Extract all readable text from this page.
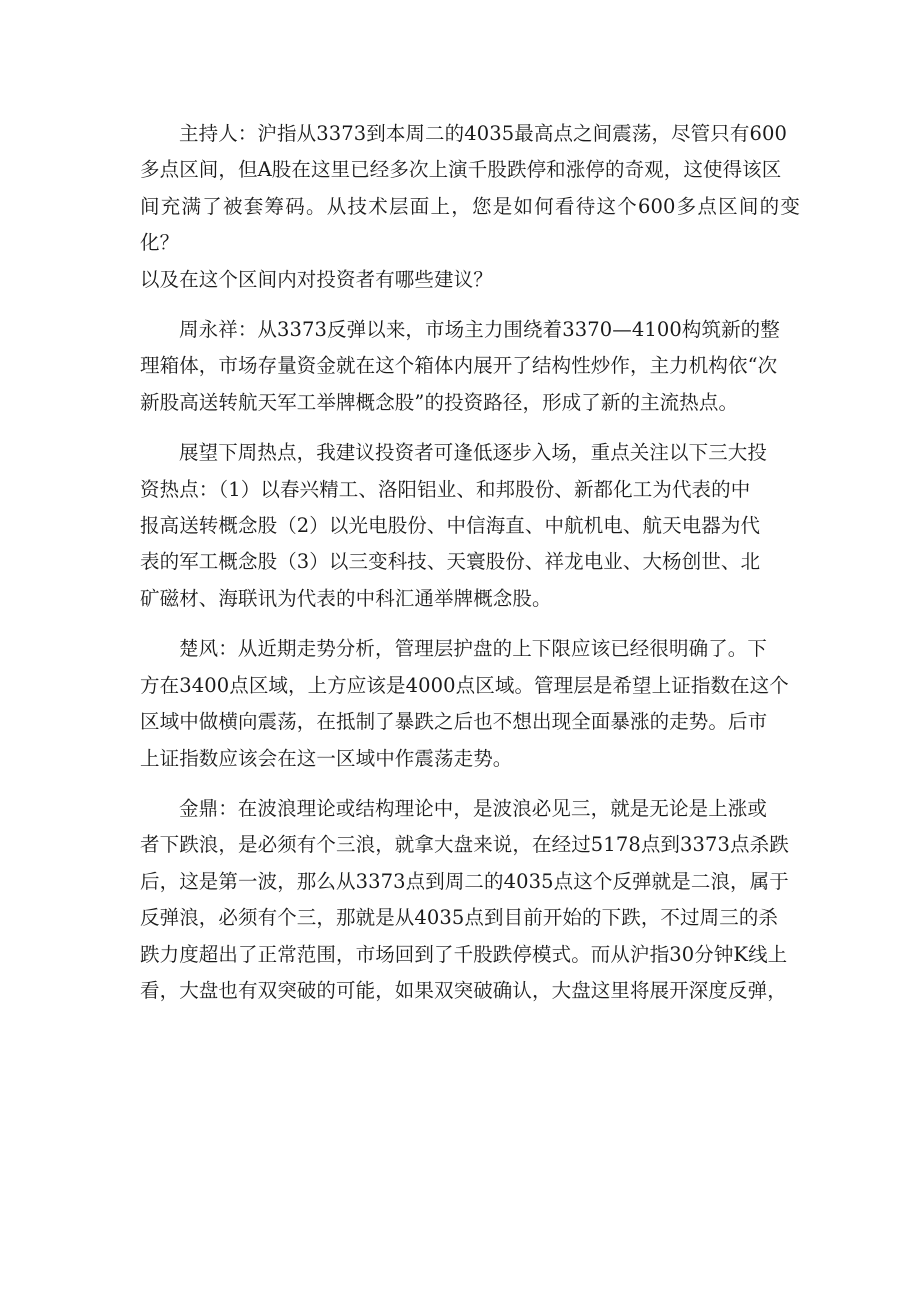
主持人：沪指从3373到本周二的4035最高点之间震荡，尽管只有600
多点区间，但A股在这里已经多次上演千股跌停和涨停的奇观，这使得该区
间充满了被套筹码。从技术层面上，您是如何看待这个600多点区间的变化？
以及在这个区间内对投资者有哪些建议？

周永祥：从3373反弹以来，市场主力围绕着3370—4100构筑新的整
理箱体，市场存量资金就在这个箱体内展开了结构性炒作，主力机构依“次
新股高送转航天军工举牌概念股”的投资路径，形成了新的主流热点。

展望下周热点，我建议投资者可逢低逐步入场，重点关注以下三大投
资热点：（1）以春兴精工、洛阳铝业、和邦股份、新都化工为代表的中
报高送转概念股（2）以光电股份、中信海直、中航机电、航天电器为代
表的军工概念股（3）以三变科技、天寰股份、祥龙电业、大杨创世、北
矿磁材、海联讯为代表的中科汇通举牌概念股。

楚风：从近期走势分析，管理层护盘的上下限应该已经很明确了。下
方在3400点区域，上方应该是4000点区域。管理层是希望上证指数在这个
区域中做横向震荡，在抵制了暴跌之后也不想出现全面暴涨的走势。后市
上证指数应该会在这一区域中作震荡走势。

金鼎：在波浪理论或结构理论中，是波浪必见三，就是无论是上涨或
者下跌浪，是必须有个三浪，就拿大盘来说，在经过5178点到3373点杀跌
后，这是第一波，那么从3373点到周二的4035点这个反弹就是二浪，属于
反弹浪，必须有个三，那就是从4035点到目前开始的下跌，不过周三的杀
跌力度超出了正常范围，市场回到了千股跌停模式。而从沪指30分钟K线上
看，大盘也有双突破的可能，如果双突破确认，大盘这里将展开深度反弹，
